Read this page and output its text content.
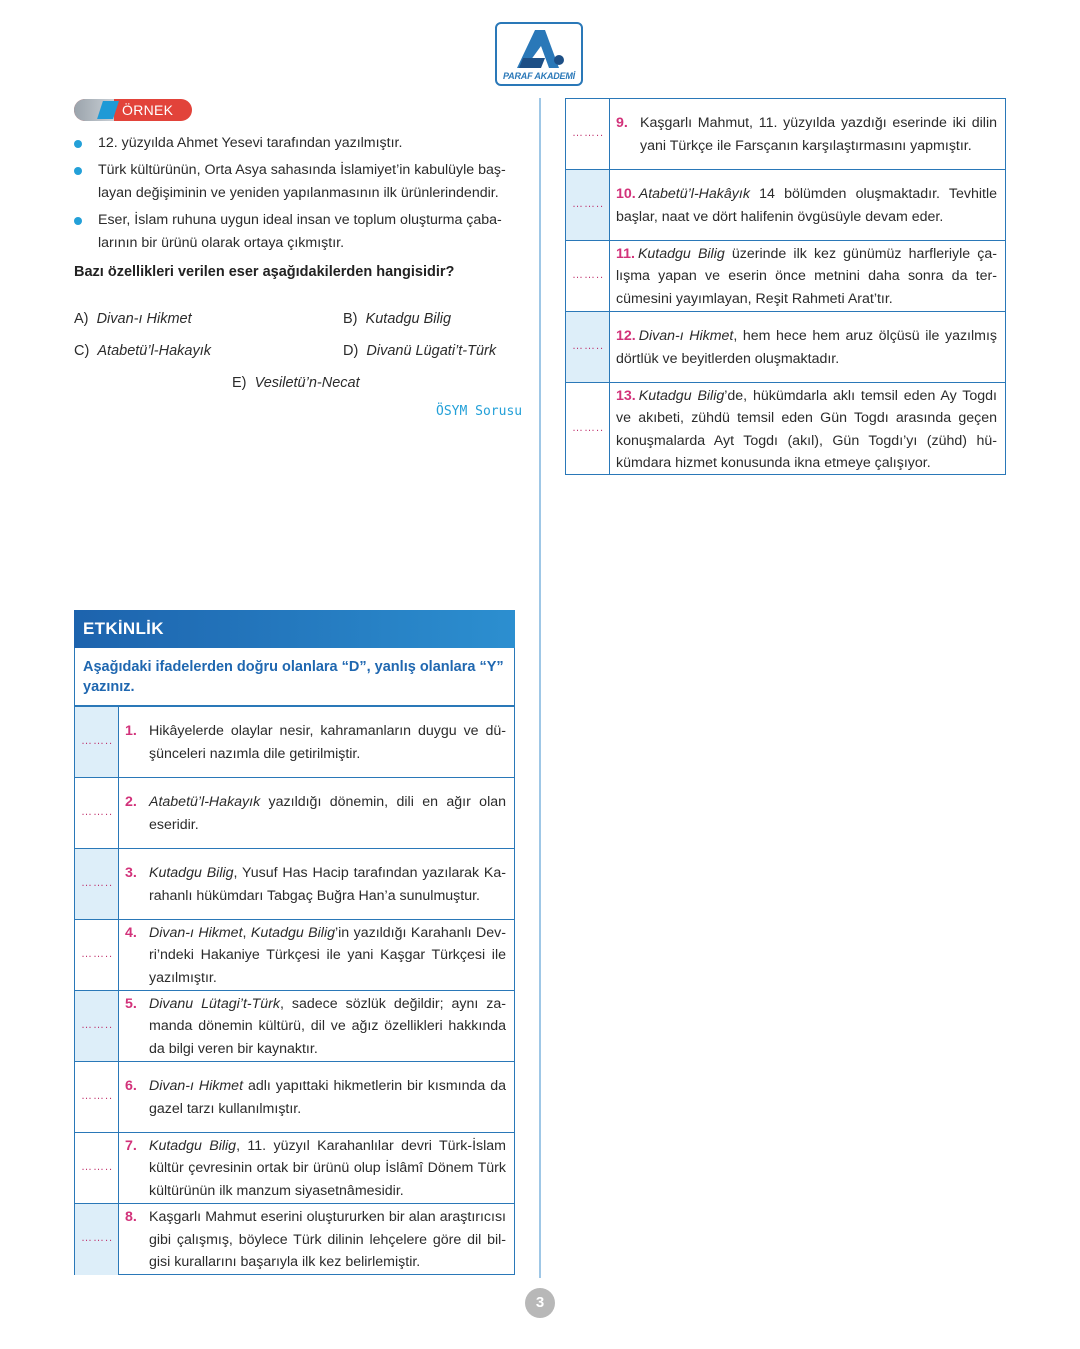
PARAF AKADEMİ
ÖRNEK
12. yüzyılda Ahmet Yesevi tarafından yazılmıştır.
Türk kültürünün, Orta Asya sahasında İslamiyet’in kabulüyle baş-
layan değişiminin ve yeniden yapılanmasının ilk ürünlerindendir.
Eser, İslam ruhuna uygun ideal insan ve toplum oluşturma çaba-
larının bir ürünü olarak ortaya çıkmıştır.
Bazı özellikleri verilen eser aşağıdakilerden hangisidir?
A) Divan-ı Hikmet	B) Kutadgu Bilig
C) Atabetü’l-Hakayık	D) Divanü Lügati’t-Türk
E) Vesiletü’n-Necat
ÖSYM Sorusu
ETKİNLİK
Aşağıdaki ifadelerden doğru olanlara “D”, yanlış olanlara “Y” yazınız.
……..
1. Hikâyelerde olaylar nesir, kahramanların duygu ve dü-
şünceleri nazımla dile getirilmiştir.
……..
2. Atabetü’l-Hakayık yazıldığı dönemin, dili en ağır olan
eseridir.
……..
3. Kutadgu Bilig, Yusuf Has Hacip tarafından yazılarak Ka-
rahanlı hükümdarı Tabgaç Buğra Han’a sunulmuştur.
……..
4. Divan-ı Hikmet, Kutadgu Bilig’in yazıldığı Karahanlı Dev-
ri’ndeki Hakaniye Türkçesi ile yani Kaşgar Türkçesi ile
yazılmıştır.
……..
5. Divanu Lütagi’t-Türk, sadece sözlük değildir; aynı za-
manda dönemin kültürü, dil ve ağız özellikleri hakkında
da bilgi veren bir kaynaktır.
……..
6. Divan-ı Hikmet adlı yapıttaki hikmetlerin bir kısmında da
gazel tarzı kullanılmıştır.
……..
7. Kutadgu Bilig, 11. yüzyıl Karahanlılar devri Türk-İslam
kültür çevresinin ortak bir ürünü olup İslâmî Dönem Türk
kültürünün ilk manzum siyasetnâmesidir.
……..
8. Kaşgarlı Mahmut eserini oluştururken bir alan araştırıcısı
gibi çalışmış, böylece Türk dilinin lehçelere göre dil bil-
gisi kurallarını başarıyla ilk kez belirlemiştir.
……..
9. Kaşgarlı Mahmut, 11. yüzyılda yazdığı eserinde iki dilin
yani Türkçe ile Farsçanın karşılaştırmasını yapmıştır.
……..
10. Atabetü’l-Hakâyık 14 bölümden oluşmaktadır. Tevhitle
başlar, naat ve dört halifenin övgüsüyle devam eder.
……..
11. Kutadgu Bilig üzerinde ilk kez günümüz harfleriyle ça-
lışma yapan ve eserin önce metnini daha sonra da ter-
cümesini yayımlayan, Reşit Rahmeti Arat’tır.
……..
12. Divan-ı Hikmet, hem hece hem aruz ölçüsü ile yazılmış
dörtlük ve beyitlerden oluşmaktadır.
……..
13. Kutadgu Bilig’de, hükümdarla aklı temsil eden Ay Togdı
ve akıbeti, zühdü temsil eden Gün Togdı arasında geçen
konuşmalarda Ayt Togdı (akıl), Gün Togdı’yı (zühd) hü-
kümdara hizmet konusunda ikna etmeye çalışıyor.
3
